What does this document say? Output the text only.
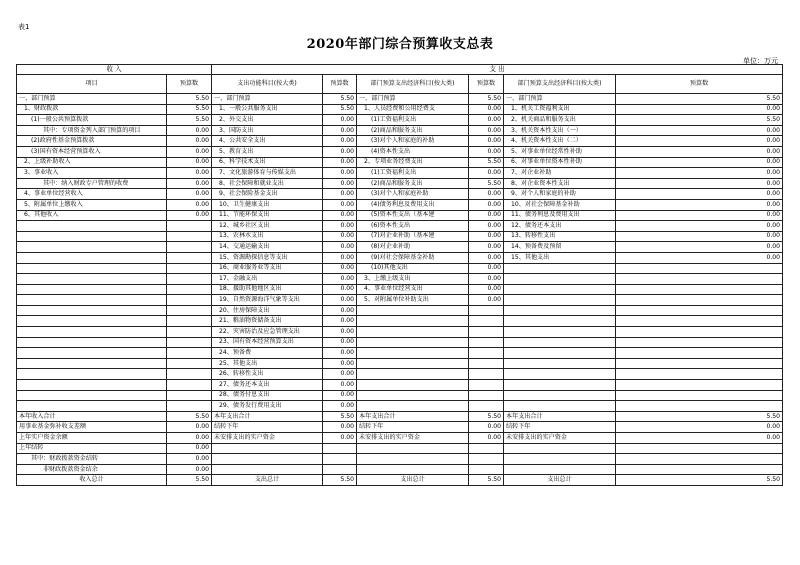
表1
2020年部门综合预算收支总表
单位：万元
收 入		支 出					
项目	预算数	支出功能科目(按大类)	预算数	部门预算支出经济科目(按大类)	预算数	部门预算支出经济科目(按大类)	预算数
一、部门预算	5.50	一、部门预算	5.50	一、部门预算	5.50	一、部门预算	5.50
1、财政拨款	5.50	1、一般公共服务支出	5.50	1、人员经费和公用经费支	0.00	1、机关工资福利支出	0.00
(1)一般公共预算拨款	5.50	2、外交支出	0.00	(1)工资福利支出	0.00	2、机关商品和服务支出	5.50
其中：专项资金列入部门预算的项目	0.00	3、国防支出	0.00	(2)商品和服务支出	0.00	3、机关资本性支出（一）	0.00
(2)政府性基金预算拨款	0.00	4、公共安全支出	0.00	(3)对个人和家庭的补助	0.00	4、机关资本性支出（二）	0.00
(3)国有资本经营预算收入	0.00	5、教育支出	0.00	(4)资本性支出	0.00	5、对事业单位经常性补助	0.00
2、上级补助收入	0.00	6、科学技术支出	0.00	2、专项业务经费支出	5.50	6、对事业单位资本性补助	0.00
3、事业收入	0.00	7、文化旅游体育与传媒支出	0.00	(1)工资福利支出	0.00	7、对企业补助	0.00
其中：纳入财政专户管理的收费	0.00	8、社会保障和就业支出	0.00	(2)商品和服务支出	5.50	8、对企业资本性支出	0.00
4、事业单位经营收入	0.00	9、社会保险基金支出	0.00	(3)对个人和家庭补助	0.00	9、对个人和家庭的补助	0.00
5、附属单位上缴收入	0.00	10、卫生健康支出	0.00	(4)债务利息及费用支出	0.00	10、对社会保障基金补助	0.00
6、其他收入	0.00	11、节能环保支出	0.00	(5)资本性支出（基本建	0.00	11、债务利息及费用支出	0.00
		12、城乡社区支出	0.00	(6)资本性支出	0.00	12、债务还本支出	0.00
		13、农林水支出	0.00	(7)对企业补助（基本建	0.00	13、转移性支出	0.00
		14、交通运输支出	0.00	(8)对企业补助	0.00	14、预备费及预留	0.00
		15、资源勘探信息等支出	0.00	(9)对社会保障基金补助	0.00	15、其他支出	0.00
		16、商业服务业等支出	0.00	(10)其他支出	0.00		
		17、金融支出	0.00	3、上缴上级支出	0.00		
		18、援助其他地区支出	0.00	4、事业单位经营支出	0.00		
		19、自然资源海洋气象等支出	0.00	5、对附属单位补助支出	0.00		
		20、住房保障支出	0.00				
		21、粮油物资储备支出	0.00				
		22、灾害防治及应急管理支出	0.00				
		23、国有资本经营预算支出	0.00				
		24、预备费	0.00				
		25、其他支出	0.00				
		26、转移性支出	0.00				
		27、债务还本支出	0.00				
		28、债务付息支出	0.00				
		29、债务发行费用支出	0.00				
本年收入合计	5.50	本年支出合计	5.50	本年支出合计	5.50	本年支出合计	5.50
用事业基金弥补收支差额	0.00	结转下年	0.00	结转下年	0.00	结转下年	0.00
上年实户资金余额	0.00	未安排支出的实户资金	0.00	未安排支出的实户资金	0.00	未安排支出的实户资金	0.00
上年结转	0.00						
其中：财政拨款资金结转	0.00						
非财政拨款资金结余	0.00						
收入总计	5.50	支出总计	5.50	支出总计	5.50	支出总计	5.50
